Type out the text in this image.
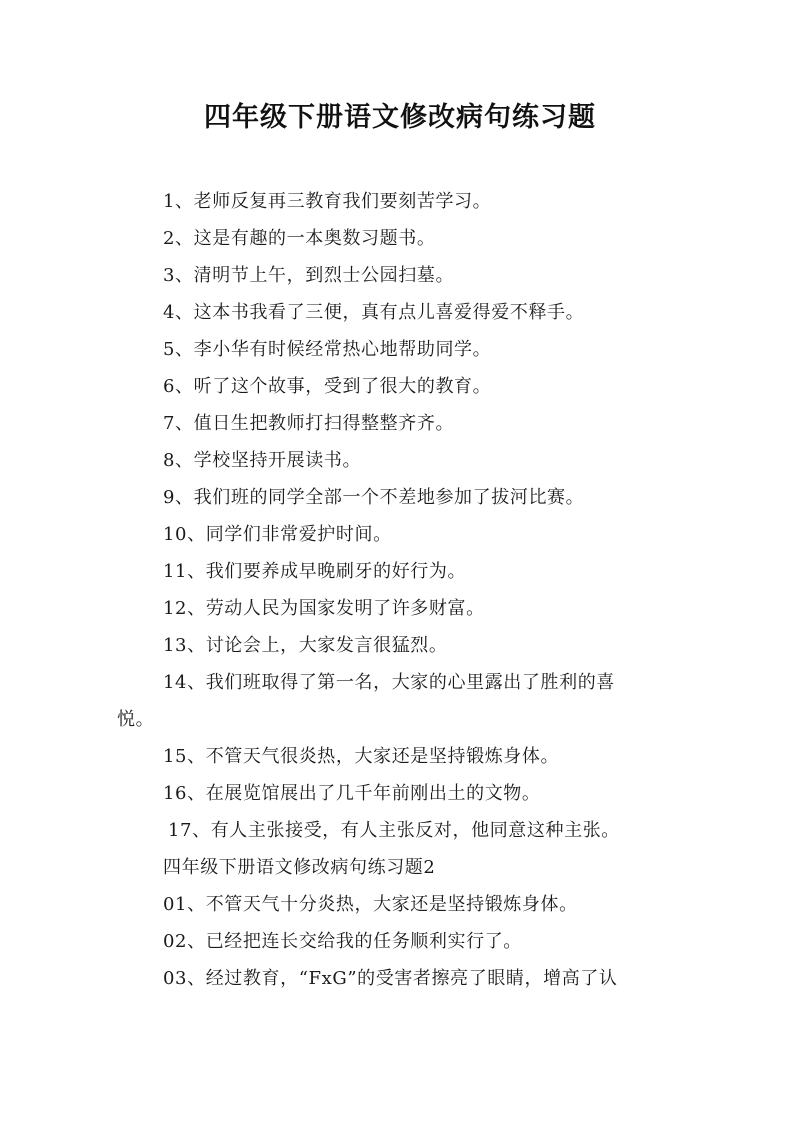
四年级下册语文修改病句练习题
1、老师反复再三教育我们要刻苦学习。
2、这是有趣的一本奥数习题书。
3、清明节上午，到烈士公园扫墓。
4、这本书我看了三便，真有点儿喜爱得爱不释手。
5、李小华有时候经常热心地帮助同学。
6、听了这个故事，受到了很大的教育。
7、值日生把教师打扫得整整齐齐。
8、学校坚持开展读书。
9、我们班的同学全部一个不差地参加了拔河比赛。
10、同学们非常爱护时间。
11、我们要养成早晚刷牙的好行为。
12、劳动人民为国家发明了许多财富。
13、讨论会上，大家发言很猛烈。
14、我们班取得了第一名，大家的心里露出了胜利的喜
悦。
15、不管天气很炎热，大家还是坚持锻炼身体。
16、在展览馆展出了几千年前刚出土的文物。
17、有人主张接受，有人主张反对，他同意这种主张。
四年级下册语文修改病句练习题2
01、不管天气十分炎热，大家还是坚持锻炼身体。
02、已经把连长交给我的任务顺利实行了。
03、经过教育，“FxG”的受害者擦亮了眼睛，增高了认
